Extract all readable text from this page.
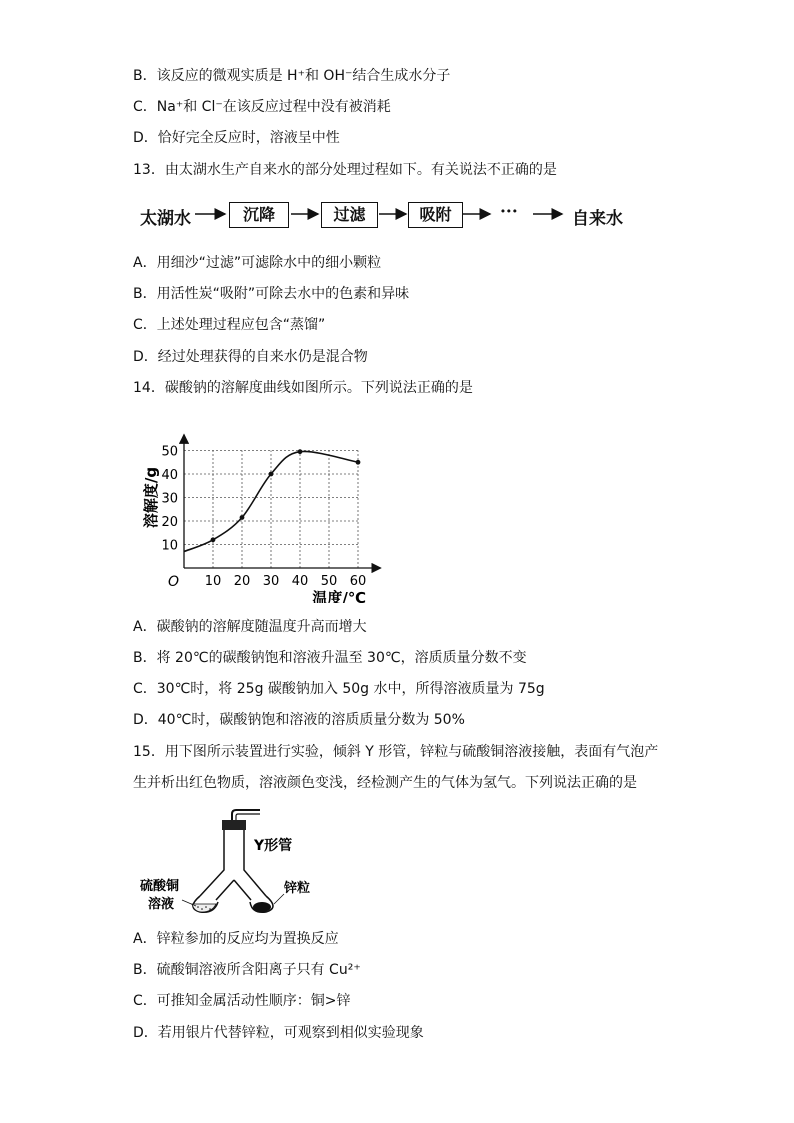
B．该反应的微观实质是 H⁺和 OH⁻结合生成水分子
C．Na⁺和 Cl⁻在该反应过程中没有被消耗
D．恰好完全反应时，溶液呈中性
13．由太湖水生产自来水的部分处理过程如下。有关说法不正确的是
太湖水	沉降	过滤	吸附	···	自来水
A．用细沙“过滤”可滤除水中的细小颗粒
B．用活性炭“吸附”可除去水中的色素和异味
C．上述处理过程应包含“蒸馏”
D．经过处理获得的自来水仍是混合物
14．碳酸钠的溶解度曲线如图所示。下列说法正确的是
10 20 30 40 50 60
10
20
30
40
50
O
温度/℃
溶解度/g
A．碳酸钠的溶解度随温度升高而增大
B．将 20℃的碳酸钠饱和溶液升温至 30℃，溶质质量分数不变
C．30℃时，将 25g 碳酸钠加入 50g 水中，所得溶液质量为 75g
D．40℃时，碳酸钠饱和溶液的溶质质量分数为 50%
15．用下图所示装置进行实验，倾斜 Y 形管，锌粒与硫酸铜溶液接触，表面有气泡产
生并析出红色物质，溶液颜色变浅，经检测产生的气体为氢气。下列说法正确的是
Y形管
硫酸铜
溶液
锌粒
A．锌粒参加的反应均为置换反应
B．硫酸铜溶液所含阳离子只有 Cu²⁺
C．可推知金属活动性顺序：铜>锌
D．若用银片代替锌粒，可观察到相似实验现象
